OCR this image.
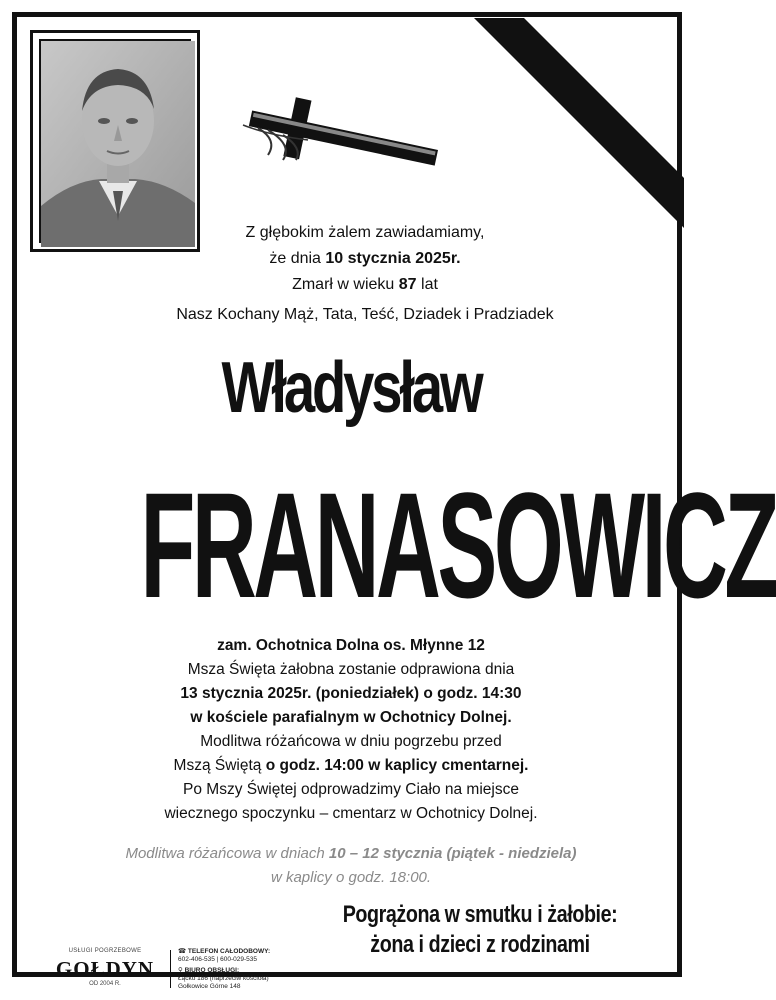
Z głębokim żalem zawiadamiamy,
że dnia 10 stycznia 2025r.
Zmarł w wieku 87 lat
Nasz Kochany Mąż, Tata, Teść, Dziadek i Pradziadek
Władysław
FRANASOWICZ
zam. Ochotnica Dolna os. Młynne 12
Msza Święta żałobna zostanie odprawiona dnia
13 stycznia 2025r. (poniedziałek) o godz. 14:30
w kościele parafialnym w Ochotnicy Dolnej.
Modlitwa różańcowa w dniu pogrzebu przed
Mszą Świętą o godz. 14:00 w kaplicy cmentarnej.
Po Mszy Świętej odprowadzimy Ciało na miejsce
wiecznego spoczynku – cmentarz w Ochotnicy Dolnej.
Modlitwa różańcowa w dniach 10 – 12 stycznia (piątek - niedziela)
w kaplicy o godz. 18:00.
Pogrążona w smutku i żałobie:
żona i dzieci z rodzinami
USŁUGI POGRZEBOWE
GOŁDYN
OD 2004 R.
☎ TELEFON CAŁODOBOWY:
602-406-535 | 600-029-535
⚲ BIURO OBSŁUGI:
Łącko 186 (naprzeciw kościoła)
Gołkowice Górne 148
